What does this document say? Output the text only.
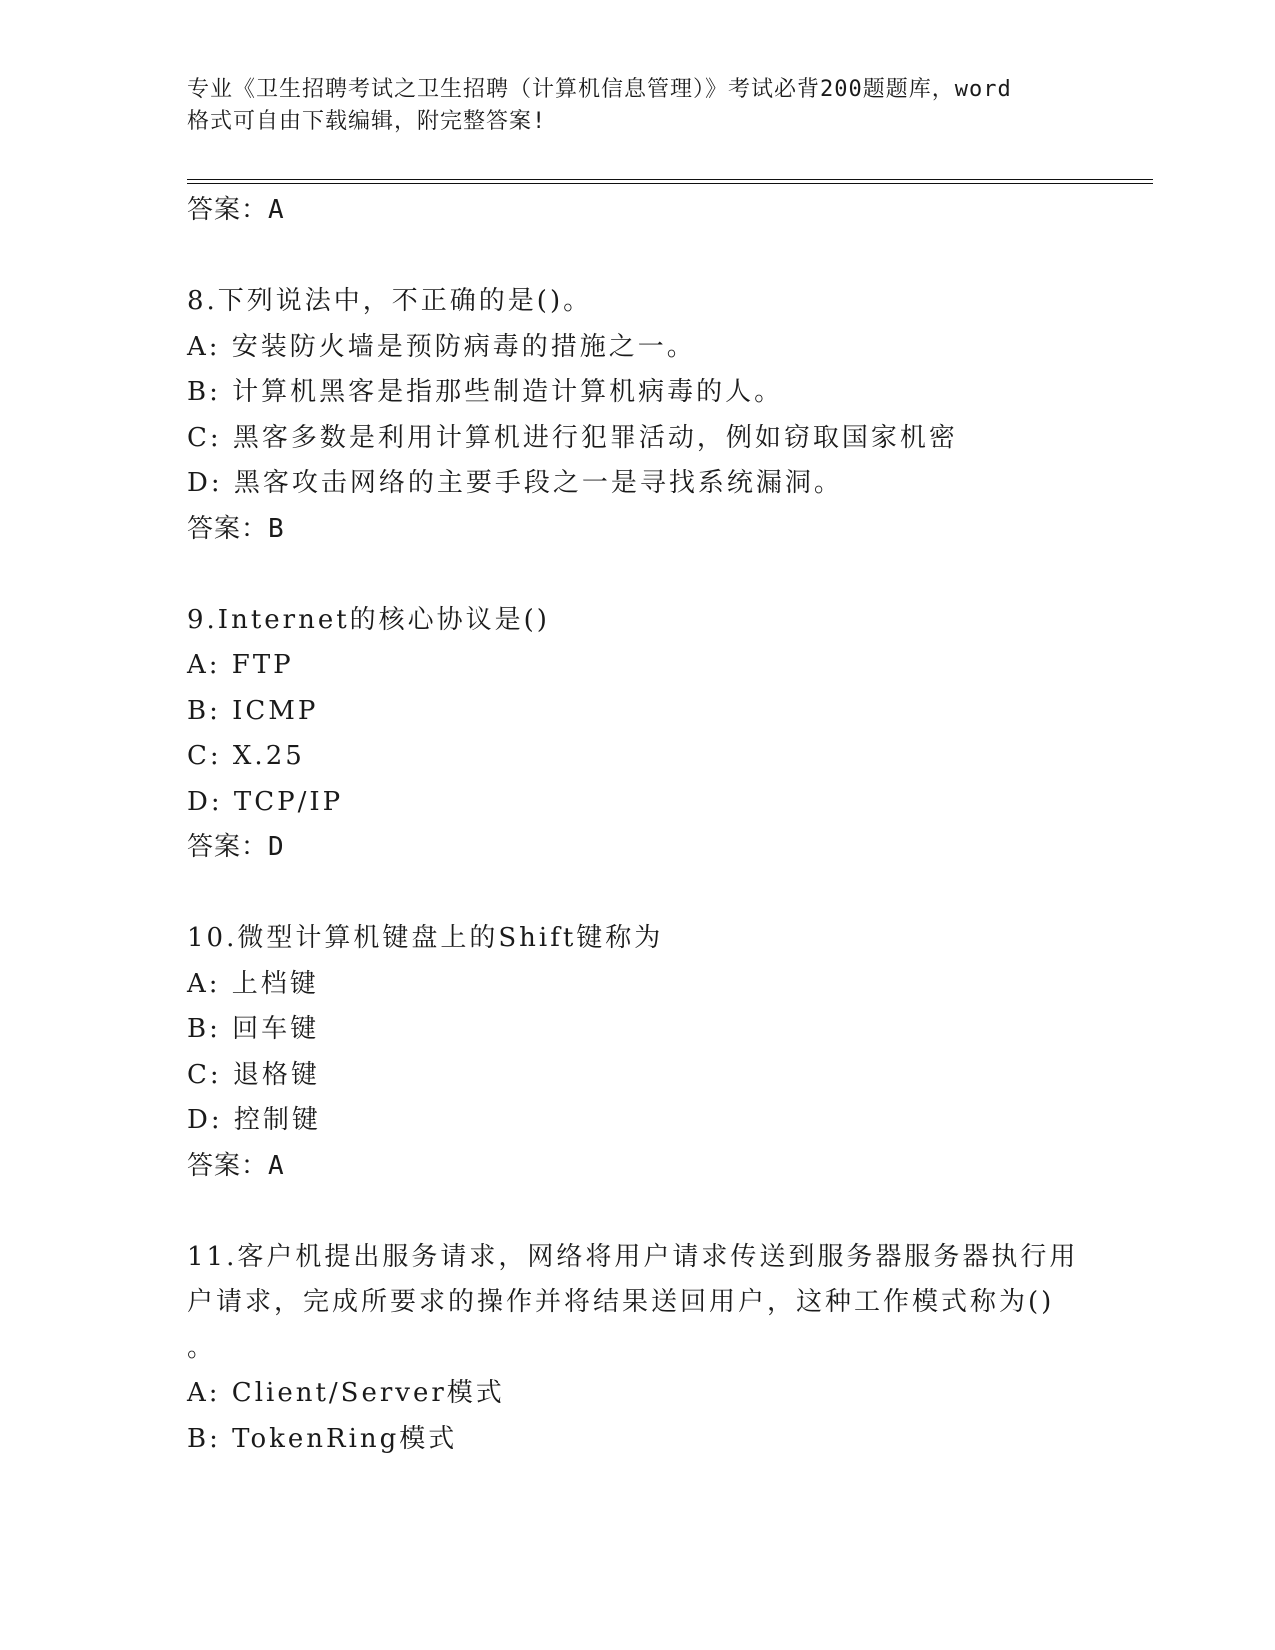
专业《卫生招聘考试之卫生招聘（计算机信息管理）》考试必背200题题库，word
格式可自由下载编辑，附完整答案!
答案：A
8.下列说法中，不正确的是()。
A: 安装防火墙是预防病毒的措施之一。
B: 计算机黑客是指那些制造计算机病毒的人。
C: 黑客多数是利用计算机进行犯罪活动，例如窃取国家机密
D: 黑客攻击网络的主要手段之一是寻找系统漏洞。
答案：B
9.Internet的核心协议是()
A: FTP
B: ICMP
C: X.25
D: TCP/IP
答案：D
10.微型计算机键盘上的Shift键称为
A: 上档键
B: 回车键
C: 退格键
D: 控制键
答案：A
11.客户机提出服务请求，网络将用户请求传送到服务器服务器执行用
户请求，完成所要求的操作并将结果送回用户，这种工作模式称为()
。
A: Client/Server模式
B: TokenRing模式
